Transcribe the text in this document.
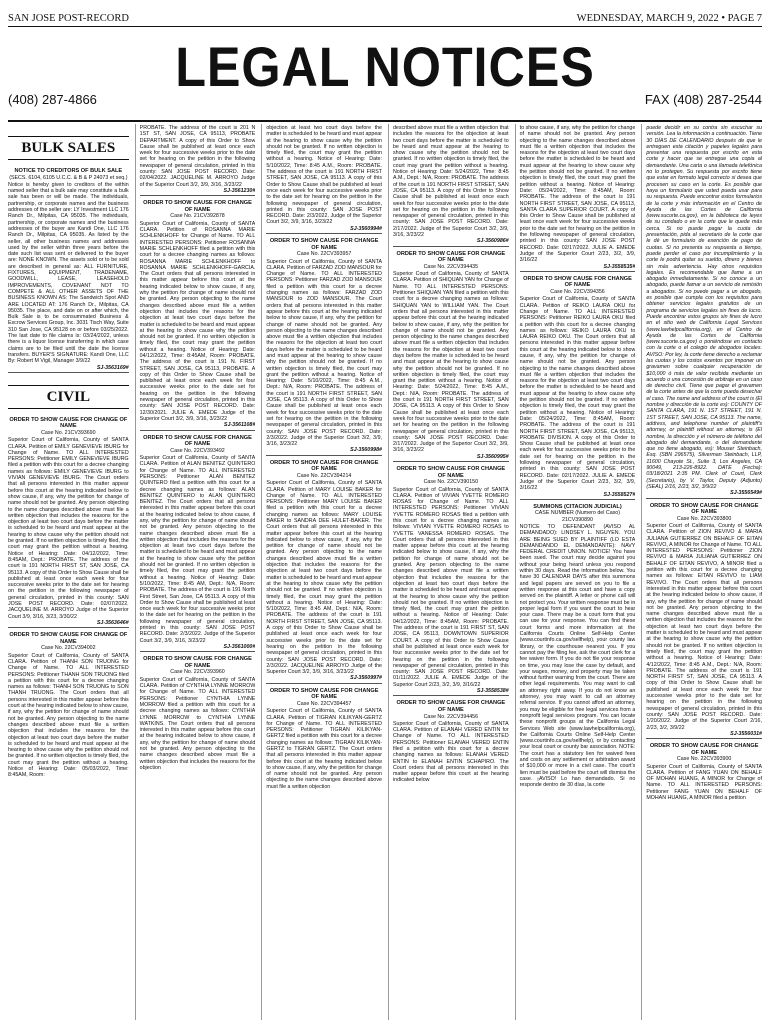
SAN JOSE POST-RECORD	WEDNESDAY, MARCH 9, 2022 • PAGE 7
LEGAL NOTICES
(408) 287-4866	FAX (408) 287-2544
BULK SALES
NOTICE TO CREDITORS OF BULK SALE
(SECS. 6104, 6105 U.C.C. & B & P 24073 et seq.)
Notice is hereby given to creditors of the within named seller that a bulk sale may constitute a bulk sale has been or will be made. The individuals, partnership, or corporate names and the business addresses of the seller are: LY Investment LLC 176 Ranch Dr., Milpitas, CA 95035. The individuals, partnership, or corporate names and the business addresses of the buyer are Kandi One, LLC 176 Ranch Dr., Milpitas, CA 95035. As listed by the seller, all other business names and addresses used by the seller within three years before the date such list was sent or delivered to the buyer are: NONE KNOWN. The assets sold or to be sold are described in general as: ALL FURNITURE, FIXTURES, EQUIPMENT, TRADENAME, GOODWILL, LEASE, LEASEHOLD IMPROVEMENTS, COVENANT NOT TO COMPETE & ALL OTHER ASSETS OF THE BUSINESS KNOWN AS: The Sandwich Spot AND ARE LOCATED AT: 176 Ranch Dr., Milpitas, CA 95035. The place, and date on or after which, the Bulk Sale is to be consummated Business & Escrow Services Group, Inc. 3031 Tisch Way, Suite 310 San Jose, CA 95128 on or before 03/25/2022. The last date to file claims is: 03/24/2022, unless there is a liquor license transferring in which case claims are to be filed until the date the license transfers. BUYER'S SIGNATURE: Kandi One, LLC By: Robert M Vigil, Manager 3/9/22
SJ-3563169#
CIVIL
ORDER TO SHOW CAUSE FOR CHANGE OF NAME
Case No. 21CV393690
Superior Court of California, County of SANTA CLARA. Petition of EMILY GENEVIEVE IBURG for Change of Name. TO ALL INTERESTED PERSONS: Petitioner EMILY GENEVIEVE IBURG filed a petition with this court for a decree changing names as follows: EMILY GENEVIEVE IBURG to VIVIAN GENEVIEVE IBURG. The Court orders that all persons interested in this matter appear before this court at the hearing indicated below to show cause, if any, why the petition for change of name should not be granted. Any person objecting to the name changes described above must file a written objection that includes the reasons for the objection at least two court days before the matter is scheduled to be heard and must appear at the hearing to show cause why the petition should not be granted. If no written objection is timely filed, the court may grant the petition without a hearing. Notice of Hearing: Date: 04/12/2022, Time: 8:45AM, Dept.: PROBATE. The address of the court is 191 NORTH FIRST ST, SAN JOSE, CA 95113. A copy of this Order to Show Cause shall be published at least once each week for four successive weeks prior to the date set for hearing on the petition in the following newspaper of general circulation, printed in this county: SAN JOSE POST RECORD. Date: 02/07/2022. JACQUELINE M. ARROYO Judge of the Superior Court 3/9, 3/16, 3/23, 3/30/22
SJ-3563646#
ORDER TO SHOW CAUSE FOR CHANGE OF NAME
Case No. 22CV394002
Superior Court of California, County of SANTA CLARA. Petition of THANH SON TRUONG for Change of Name. TO ALL INTERESTED PERSONS: Petitioner THANH SON TRUONG filed a petition with this court for a decree changing names as follows: THANH SON TRUONG to SON THANH TRUONG. The Court orders that all persons interested in this matter appear before this court at the hearing indicated below to show cause, if any, why the petition for change of name should not be granted. Any person objecting to the name changes described above must file a written objection that includes the reasons for the objection at least two court days before the matter is scheduled to be heard and must appear at the hearing to show cause why the petition should not be granted. If no written objection is timely filed, the court may grant the petition without a hearing. Notice of Hearing: Date: 05/03/2022, Time: 8:45AM, Room:
PROBATE. The address of the court is 201 N 1ST ST, SAN JOSE, CA 95113, PROBATE DEPARTMENT. A copy of this Order to Show Cause shall be published at least once each week for four successive weeks prior to the date set for hearing on the petition in the following newspaper of general circulation, printed in this county: SAN JOSE POST RECORD. Date: 02/04/2022. JACQUELINE M. ARROYO Judge of the Superior Court 3/2, 3/9, 3/16, 3/23/22
SJ-3561230#
ORDER TO SHOW CAUSE FOR CHANGE OF NAME
Case No. 21CV392878
Superior Court of California, County of SANTA CLARA. Petition of ROSANNA MARIE SCHLENKHOFF for Change of Name. TO ALL INTERESTED PERSONS: Petitioner ROSANNA MARIE SCHLENKHOFF filed a petition with this court for a decree changing names as follows: ROSANNA MARIE SCHLENKHOFF to ROSANNA MARIE SCHLENKHOFF-GARCIA. The Court orders that all persons interested in this matter appear before this court at the hearing indicated below to show cause, if any, why the petition for change of name should not be granted. Any person objecting to the name changes described above must file a written objection that includes the reasons for the objection at least two court days before the matter is scheduled to be heard and must appear at the hearing to show cause why the petition should not be granted. If no written objection is timely filed, the court may grant the petition without a hearing. Notice of Hearing: Date: 04/12/2022, Time: 8:45AM, Room: PROBATE. The address of the court is 191 N. FIRST STREET, SAN JOSE, CA 95113, PROBATE. A copy of this Order to Show Cause shall be published at least once each week for four successive weeks prior to the date set for hearing on the petition in the following newspaper of general circulation, printed in this county: SAN JOSE POST RECORD. Date: 12/30/2021. JULIE A. EMEDE Judge of the Superior Court 3/2, 3/9, 3/16, 3/23/22
SJ-3561108#
ORDER TO SHOW CAUSE FOR CHANGE OF NAME
Case No. 22CV393492
Superior Court of California, County of SANTA CLARA. Petition of ALAN BENITEZ QUINTERO for Change of Name. TO ALL INTERESTED PERSONS: Petitioner ALAN BENITEZ QUINTERO filed a petition with this court for a decree changing names as follows: ALAN BENITEZ QUINTERO to ALAN QUINTERO BENITEZ. The Court orders that all persons interested in this matter appear before this court at the hearing indicated below to show cause, if any, why the petition for change of name should not be granted. Any person objecting to the name changes described above must file a written objection that includes the reasons for the objection at least two court days before the matter is scheduled to be heard and must appear at the hearing to show cause why the petition should not be granted. If no written objection is timely filed, the court may grant the petition without a hearing. Notice of Hearing: Date: 5/10/2022, Time: 8:45 AM, Dept.: N/A, Room: PROBATE. The address of the court is 191 North First Street, San Jose, CA 95113. A copy of this Order to Show Cause shall be published at least once each week for four successive weeks prior to the date set for hearing on the petition in the following newspaper of general circulation, printed in this county: SAN JOSE POST RECORD. Date: 2/3/2022. Judge of the Superior Court 3/2, 3/9, 3/16, 3/23/22
SJ-3561000#
ORDER TO SHOW CAUSE FOR CHANGE OF NAME
Case No. 22CV393960
Superior Court of California, County of SANTA CLARA. Petition of CYNTHIA LYNNE MORROW for Change of Name. TO ALL INTERESTED PERSONS: Petitioner CYNTHIA LYNNE MORROW filed a petition with this court for a decree changing names as follows: CYNTHIA LYNNE MORROW to CYNTHIA LYNNE WATKINS. The Court orders that all persons interested in this matter appear before this court at the hearing indicated below to show cause, if any, why the petition for change of name should not be granted. Any person objecting to the name changes described above must file a written objection that includes the reasons for the objection
objection at least two court days before the matter is scheduled to be heard and must appear at the hearing to show cause why the petition should not be granted. If no written objection is timely filed, the court may grant the petition without a hearing. Notice of Hearing: Date: 5/10/2022, Time: 8:45 A.M., Room: PROBATE. The address of the court is 191 NORTH FIRST STREET, SAN JOSE, CA 95113. A copy of this Order to Show Cause shall be published at least once each week for four successive weeks prior to the date set for hearing on the petition in the following newspaper of general circulation, printed in this county: SAN JOSE POST RECORD. Date: 2/3/2022. Judge of the Superior Court 3/2, 3/9, 3/16, 3/23/22
SJ-3560994#
ORDER TO SHOW CAUSE FOR CHANGE OF NAME
Case No. 22CV393957
Superior Court of California, County of SANTA CLARA. Petition of FARZAD ZOD MANSOUR for Change of Name. TO ALL INTERESTED PERSONS: Petitioner FARZAD ZOD MANSOUR filed a petition with this court for a decree changing names as follows: FARZAD ZOD MANSOUR to ZOD MANSOUR. The Court orders that all persons interested in this matter appear before this court at the hearing indicated below to show cause, if any, why the petition for change of name should not be granted. Any person objecting to the name changes described above must file a written objection that includes the reasons for the objection at least two court days before the matter is scheduled to be heard and must appear at the hearing to show cause why the petition should not be granted. If no written objection is timely filed, the court may grant the petition without a hearing. Notice of Hearing: Date: 5/10/2022, Time: 8:45 A.M., Dept.: N/A, Room: PROBATE. The address of the court is 191 NORTH FIRST STREET, SAN JOSE, CA 95113. A copy of this Order to Show Cause shall be published at least once each week for four successive weeks prior to the date set for hearing on the petition in the following newspaper of general circulation, printed in this county: SAN JOSE POST RECORD. Date: 2/3/2022. Judge of the Superior Court 3/2, 3/9, 3/16, 3/23/22
SJ-3560998#
ORDER TO SHOW CAUSE FOR CHANGE OF NAME
Case No. 22CV394214
Superior Court of California, County of SANTA CLARA. Petition of MARY LOUISE BAKER for Change of Name. TO ALL INTERESTED PERSONS: Petitioner MARY LOUISE BAKER filed a petition with this court for a decree changing names as follows: MARY LOUISE BAKER to SANDRA DEE HULET-BAKER. The Court orders that all persons interested in this matter appear before this court at the hearing indicated below to show cause, if any, why the petition for change of name should not be granted. Any person objecting to the name changes described above must file a written objection that includes the reasons for the objection at least two court days before the matter is scheduled to be heard and must appear at the hearing to show cause why the petition should not be granted. If no written objection is timely filed, the court may grant the petition without a hearing. Notice of Hearing: Date: 5/10/2022, Time: 8:45 AM, Dept.: N/A, Room: PROBATE. The address of the court is 191 NORTH FIRST STREET, SAN JOSE, CA 95113. A copy of this Order to Show Cause shall be published at least once each week for four successive weeks prior to the date set for hearing on the petition in the following newspaper of general circulation, printed in this county: SAN JOSE POST RECORD. Date: 2/3/2022. JACQUELINE ARROYO Judge of the Superior Court 3/2, 3/9, 3/16, 3/23/22
SJ-3560997#
ORDER TO SHOW CAUSE FOR CHANGE OF NAME
Case No. 22CV394457
Superior Court of California, County of SANTA CLARA. Petition of TIGRAN KILIKYAN-GERTZ for Change of Name. TO ALL INTERESTED PERSONS: Petitioner TIGRAN KILIKYAN-GERTZ filed a petition with this court for a decree changing names as follows: TIGRAN KILIKYAN-GERTZ to TIGRAN GERTZ. The Court orders that all persons interested in this matter appear before this court at the hearing indicated below to show cause, if any, why the petition for change of name should not be granted. Any person objecting to the name changes described above must file a written objection
described above must file a written objection that includes the reasons for the objection at least two court days before the matter is scheduled to be heard and must appear at the hearing to show cause why the petition should not be granted. If no written objection is timely filed, the court may grant the petition without a hearing. Notice of Hearing: Date: 5/24/2022, Time: 8:45 A.M., Dept.: N/A, Room: PROBATE. The address of the court is 191 NORTH FIRST STREET, SAN JOSE, CA 95113. A copy of this Order to Show Cause shall be published at least once each week for four successive weeks prior to the date set for hearing on the petition in the following newspaper of general circulation, printed in this county: SAN JOSE POST RECORD. Date: 2/17/2022. Judge of the Superior Court 3/2, 3/9, 3/16, 3/23/22
SJ-3560986#
ORDER TO SHOW CAUSE FOR CHANGE OF NAME
Case No. 22CV394435
Superior Court of California, County of SANTA CLARA. Petition of SHIQUAN YAN for Change of Name. TO ALL INTERESTED PERSONS: Petitioner SHIQUAN YAN filed a petition with this court for a decree changing names as follows: SHIQUAN YAN to WILLIAM YAN. The Court orders that all persons interested in this matter appear before this court at the hearing indicated below to show cause, if any, why the petition for change of name should not be granted. Any person objecting to the name changes described above must file a written objection that includes the reasons for the objection at least two court days before the matter is scheduled to be heard and must appear at the hearing to show cause why the petition should not be granted. If no written objection is timely filed, the court may grant the petition without a hearing. Notice of Hearing: Date: 5/24/2022, Time: 8:45 A.M., Dept.: N/A, Room: PROBATE. The address of the court is 191 NORTH FIRST STREET, SAN JOSE, CA 95113. A copy of this Order to Show Cause shall be published at least once each week for four successive weeks prior to the date set for hearing on the petition in the following newspaper of general circulation, printed in this county: SAN JOSE POST RECORD. Date: 2/17/2022. Judge of the Superior Court 3/2, 3/9, 3/16, 3/23/22
SJ-3560995#
ORDER TO SHOW CAUSE FOR CHANGE OF NAME
Case No. 22CV390150
Superior Court of California, County of SANTA CLARA. Petition of VIVIAN YVETTE ROMERO ROSAS for Change of Name. TO ALL INTERESTED PERSONS: Petitioner VIVIAN YVETTE ROMERO ROSAS filed a petition with this court for a decree changing names as follows: VIVIAN YVETTE ROMERO ROSAS to YVETTE VANESSA ROMERO ROSAS. The Court orders that all persons interested in this matter appear before this court at the hearing indicated below to show cause, if any, why the petition for change of name should not be granted. Any person objecting to the name changes described above must file a written objection that includes the reasons for the objection at least two court days before the matter is scheduled to be heard and must appear at the hearing to show cause why the petition should not be granted. If no written objection is timely filed, the court may grant the petition without a hearing. Notice of Hearing: Date: 04/12/2022, Time: 8:45AM, Room: PROBATE. The address of the court is 191 FIRST ST, SAN JOSE, CA 95113, DOWNTOWN SUPERIOR COURT. A copy of this Order to Show Cause shall be published at least once each week for four successive weeks prior to the date set for hearing on the petition in the following newspaper of general circulation, printed in this county: SAN JOSE POST RECORD. Date: 01/11/2022. JULIE A. EMEDE Judge of the Superior Court 2/23, 3/2, 3/9, 3/16/22
SJ-3558538#
ORDER TO SHOW CAUSE FOR CHANGE OF NAME
Case No. 22CV394456
Superior Court of California, County of SANTA CLARA. Petition of ELANAH VERED ENTIN for Change of Name. TO ALL INTERESTED PERSONS: Petitioner ELANAH VERED ENTIN filed a petition with this court for a decree changing names as follows: ELANAH VERED ENTIN to ELANAH ENTIN SCHAPIRO. The Court orders that all persons interested in this matter appear before this court at the hearing indicated below
to show cause, if any, why the petition for change of name should not be granted. Any person objecting to the name changes described above must file a written objection that includes the reasons for the objection at least two court days before the matter is scheduled to be heard and must appear at the hearing to show cause why the petition should not be granted. If no written objection is timely filed, the court may grant the petition without a hearing. Notice of Hearing: Date: 05/24/2022, Time: 8:45AM, Room: PROBATE. The address of the court is 191 NORTH FIRST STREET, SAN JOSE, CA 95113, SANTA CLARA SUPERIOR COURT. A copy of this Order to Show Cause shall be published at least once each week for four successive weeks prior to the date set for hearing on the petition in the following newspaper of general circulation, printed in this county: SAN JOSE POST RECORD. Date: 02/17/2022. JULIE A. EMEDE Judge of the Superior Court 2/23, 3/2, 3/9, 3/16/22
SJ-3558535#
ORDER TO SHOW CAUSE FOR CHANGE OF NAME
Case No. 22CV394356
Superior Court of California, County of SANTA CLARA. Petition of REIKO LAURA OKU for Change of Name. TO ALL INTERESTED PERSONS: Petitioner REIKO LAURA OKU filed a petition with this court for a decree changing names as follows: REIKO LAURA OKU to LAURA REIKO OKU. The Court orders that all persons interested in this matter appear before this court at the hearing indicated below to show cause, if any, why the petition for change of name should not be granted. Any person objecting to the name changes described above must file a written objection that includes the reasons for the objection at least two court days before the matter is scheduled to be heard and must appear at the hearing to show cause why the petition should not be granted. If no written objection is timely filed, the court may grant the petition without a hearing. Notice of Hearing: Date: 05/24/2022, Time: 8:45AM, Room: PROBATE. The address of the court is 191 NORTH FIRST STREET, SAN JOSE, CA 95113, PROBATE DIVISION. A copy of this Order to Show Cause shall be published at least once each week for four successive weeks prior to the date set for hearing on the petition in the following newspaper of general circulation, printed in this county: SAN JOSE POST RECORD. Date: 02/17/2022. JULIE A. EMEDE Judge of the Superior Court 2/23, 3/2, 3/9, 3/16/22
SJ-3558527#
SUMMONS (CITACION JUDICIAL)
CASE NUMBER (Numero del Caso) 21CV390890
NOTICE TO DEFENDANT (AVISO AL DEMANDADO): LINDSEY L. NGUYEN. YOU ARE BEING SUED BY PLAINTIFF (LO ESTA DEMANDANDO EL DEMANDANTE): NAVY FEDERAL CREDIT UNION. NOTICE! You have been sued. The court may decide against you without your being heard unless you respond within 30 days. Read the information below. You have 30 CALENDAR DAYS after this summons and legal papers are served on you to file a written response at this court and have a copy served on the plaintiff. A letter or phone call will not protect you. Your written response must be in proper legal form if you want the court to hear your case. There may be a court form that you can use for your response. You can find these court forms and more information at the California Courts Online Self-Help Center (www.courtinfo.ca.gov/selfhelp), your county law library, or the courthouse nearest you. If you cannot pay the filing fee, ask the court clerk for a fee waiver form. If you do not file your response on time, you may lose the case by default, and your wages, money, and property may be taken without further warning from the court. There are other legal requirements. You may want to call an attorney right away. If you do not know an attorney, you may want to call an attorney referral service. If you cannot afford an attorney, you may be eligible for free legal services from a nonprofit legal services program. You can locate these nonprofit groups at the California Legal Services Web site (www.lawhelpcalifornia.org), the California Courts Online Self-Help Center (www.courtinfo.ca.gov/selfhelp), or by contacting your local court or county bar association. NOTE: The court has a statutory lien for waived fees and costs on any settlement or arbitration award of $10,000 or more in a civil case. The court's lien must be paid before the court will dismiss the case. ¡AVISO! Lo han demandado. Si no responde dentro de 30 días, la corte
puede decidir en su contra sin escuchar su versión. Lea la información a continuación. Tiene 30 DÍAS DE CALENDARIO después de que le entreguen esta citación y papeles legales para presentar una respuesta por escrito en esta corte y hacer que se entregue una copia al demandante. Una carta o una llamada telefónica no lo protegen. Su respuesta por escrito tiene que estar en formato legal correcto si desea que procesen su caso en la corte. Es posible que haya un formulario que usted pueda usar para su respuesta. Puede encontrar estos formularios de la corte y más información en el Centro de Ayuda de las Cortes de California (www.sucorte.ca.gov), en la biblioteca de leyes de su condado o en la corte que le quede más cerca. Si no puede pagar la cuota de presentación, pida al secretario de la corte que le dé un formulario de exención de pago de cuotas. Si no presenta su respuesta a tiempo, puede perder el caso por incumplimiento y la corte le podrá quitar su sueldo, dinero y bienes sin más advertencia. Hay otros requisitos legales. Es recomendable que llame a un abogado inmediatamente. Si no conoce a un abogado, puede llamar a un servicio de remisión a abogados. Si no puede pagar a un abogado, es posible que cumpla con los requisitos para obtener servicios legales gratuitos de un programa de servicios legales sin fines de lucro. Puede encontrar estos grupos sin fines de lucro en el sitio web de California Legal Services (www.lawhelpcalifornia.org), en el Centro de Ayuda de las Cortes de California (www.sucorte.ca.gov) o poniéndose en contacto con la corte o el colegio de abogados locales. AVISO: Por ley, la corte tiene derecho a reclamar las cuotas y los costos exentos por imponer un gravamen sobre cualquier recuperación de $10,000 ó más de valor recibida mediante un acuerdo o una concesión de arbitraje en un caso de derecho civil. Tiene que pagar el gravamen de la corte antes de que la corte pueda desechar el caso. The name and address of the court is (El nombre y dirección de la corte es): COUNTY OF SANTA CLARA, 191 N. 1ST STREET, 191 N. 1ST STREET, SAN JOSE, CA 95113. The name, address, and telephone number of plaintiff's attorney, or plaintiff without an attorney, is (El nombre, la dirección y el número de teléfono del abogado del demandante, o del demandante que no tiene abogado, es): Mouser Steinbach, Esq. (SBN 296575), Silverman Steinbach, LLP, 11600 Chayote St., Suite 3, Los Angeles, CA 90049, 213-226-8922. DATE (Fecha): 03/18/2021 2:35 PM. Clerk of Court, Clerk (Secretario), by V. Taylor, Deputy (Adjunto) (SEAL) 2/16, 2/23, 3/2, 3/9/22
SJ-3556549#
ORDER TO SHOW CAUSE FOR CHANGE OF NAME
Case No. 22CV393800
Superior Court of California, County of SANTA CLARA. Petition of ZION REVIVO & MARIA JULIANA GUTIERREZ ON BEHALF OF EITAN REVIVO, A MINOR for Change of Name. TO ALL INTERESTED PERSONS: Petitioner ZION REVIVO & MARIA JULIANA GUTIERREZ ON BEHALF OF EITAN REVIVO, A MINOR filed a petition with this court for a decree changing names as follows: EITAN REVIVO to LIAM REVIVO. The Court orders that all persons interested in this matter appear before this court at the hearing indicated below to show cause, if any, why the petition for change of name should not be granted. Any person objecting to the name changes described above must file a written objection that includes the reasons for the objection at least two court days before the matter is scheduled to be heard and must appear at the hearing to show cause why the petition should not be granted. If no written objection is timely filed, the court may grant the petition without a hearing. Notice of Hearing: Date: 4/12/2022, Time: 8:45 A.M., Dept.: N/A, Room: PROBATE. The address of the court is 191 NORTH FIRST ST, SAN JOSE, CA 95113. A copy of this Order to Show Cause shall be published at least once each week for four successive weeks prior to the date set for hearing on the petition in the following newspaper of general circulation, printed in this county: SAN JOSE POST RECORD. Date: 1/20/2022. Judge of the Superior Court 2/16, 2/23, 3/2, 3/9/22
SJ-3556031#
ORDER TO SHOW CAUSE FOR CHANGE OF NAME
Case No. 22CV393900
Superior Court of California, County of SANTA CLARA. Petition of FANG YUAN ON BEHALF OF MOHAN HUANG, A MINOR for Change of Name. TO ALL INTERESTED PERSONS: Petitioner FANG YUAN ON BEHALF OF MOHAN HUANG, A MINOR filed a petition
